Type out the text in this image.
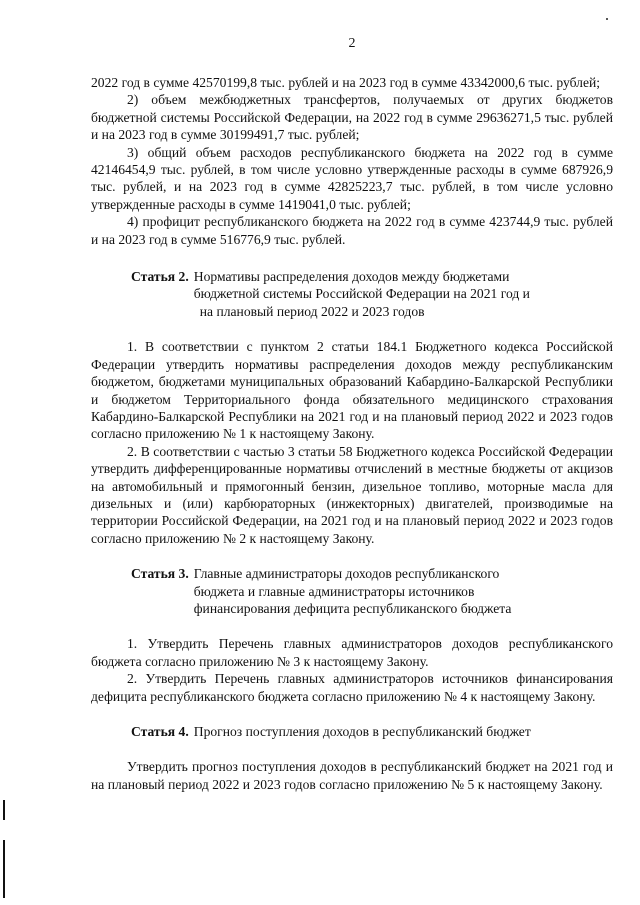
2

2022 год в сумме 42570199,8 тыс. рублей и на 2023 год в сумме 43342000,6 тыс. рублей;

2) объем межбюджетных трансфертов, получаемых от других бюджетов бюджетной системы Российской Федерации, на 2022 год в сумме 29636271,5 тыс. рублей и на 2023 год в сумме 30199491,7 тыс. рублей;

3) общий объем расходов республиканского бюджета на 2022 год в сумме 42146454,9 тыс. рублей, в том числе условно утвержденные расходы в сумме 687926,9 тыс. рублей, и на 2023 год в сумме 42825223,7 тыс. рублей, в том числе условно утвержденные расходы в сумме 1419041,0 тыс. рублей;

4) профицит республиканского бюджета на 2022 год в сумме 423744,9 тыс. рублей и на 2023 год в сумме 516776,9 тыс. рублей.

Статья 2. Нормативы распределения доходов между бюджетами
бюджетной системы Российской Федерации на 2021 год и
на плановый период 2022 и 2023 годов

1. В соответствии с пунктом 2 статьи 184.1 Бюджетного кодекса Российской Федерации утвердить нормативы распределения доходов между республиканским бюджетом, бюджетами муниципальных образований Кабардино-Балкарской Республики и бюджетом Территориального фонда обязательного медицинского страхования Кабардино-Балкарской Республики на 2021 год и на плановый период 2022 и 2023 годов согласно приложению № 1 к настоящему Закону.

2. В соответствии с частью 3 статьи 58 Бюджетного кодекса Российской Федерации утвердить дифференцированные нормативы отчислений в местные бюджеты от акцизов на автомобильный и прямогонный бензин, дизельное топливо, моторные масла для дизельных и (или) карбюраторных (инжекторных) двигателей, производимые на территории Российской Федерации, на 2021 год и на плановый период 2022 и 2023 годов согласно приложению № 2 к настоящему Закону.

Статья 3. Главные администраторы доходов республиканского
бюджета и главные администраторы источников
финансирования дефицита республиканского бюджета

1. Утвердить Перечень главных администраторов доходов республиканского бюджета согласно приложению № 3 к настоящему Закону.

2. Утвердить Перечень главных администраторов источников финансирования дефицита республиканского бюджета согласно приложению № 4 к настоящему Закону.

Статья 4. Прогноз поступления доходов в республиканский бюджет

Утвердить прогноз поступления доходов в республиканский бюджет на 2021 год и на плановый период 2022 и 2023 годов согласно приложению № 5 к настоящему Закону.
